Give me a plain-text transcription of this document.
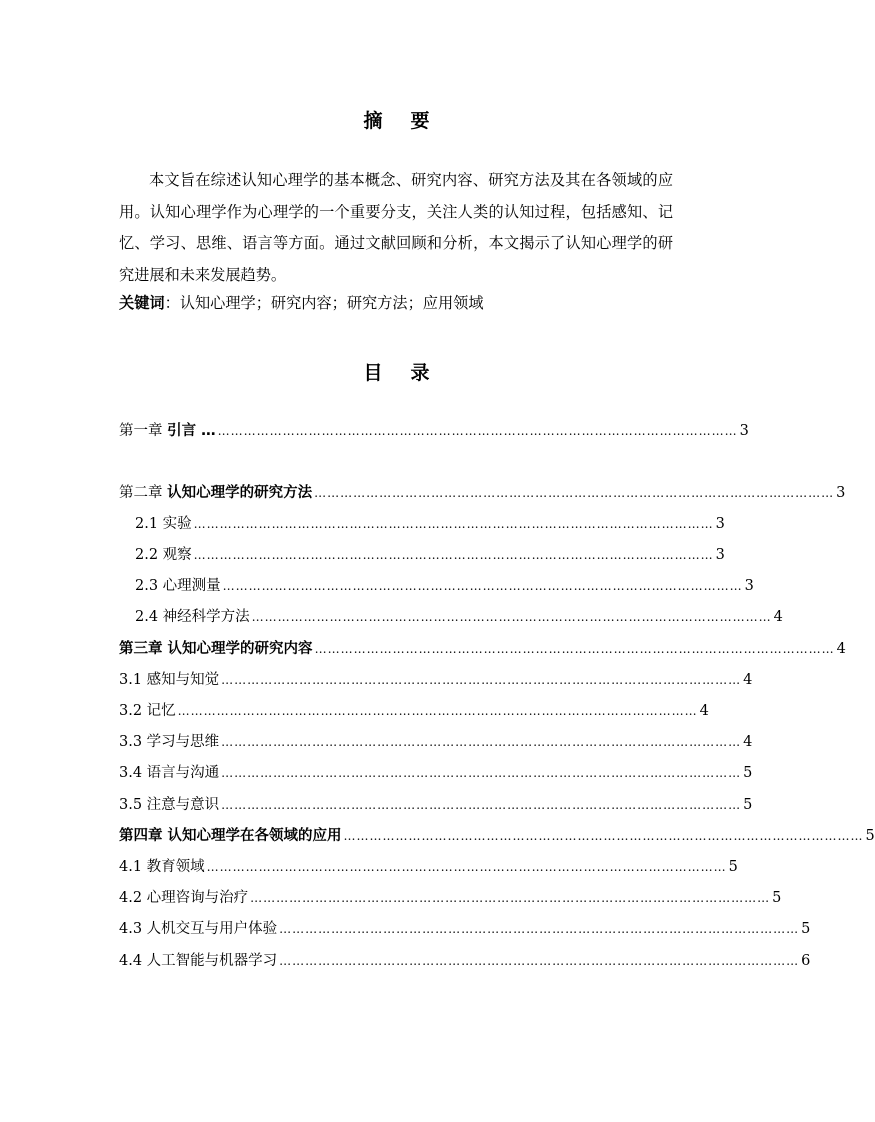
摘 要

本文旨在综述认知心理学的基本概念、研究内容、研究方法及其在各领域的应用。认知心理学作为心理学的一个重要分支，关注人类的认知过程，包括感知、记忆、学习、思维、语言等方面。通过文献回顾和分析，本文揭示了认知心理学的研究进展和未来发展趋势。

关键词：认知心理学；研究内容；研究方法；应用领域
目 录
第一章 引言 … ………………………………………………………………………………………………………… 3
第二章 认知心理学的研究方法 ………………………………………………………………………………………………………… 3
2.1 实验 ………………………………………………………………………………………………………… 3
2.2 观察 ………………………………………………………………………………………………………… 3
2.3 心理测量 ………………………………………………………………………………………………………… 3
2.4 神经科学方法 ………………………………………………………………………………………………………… 4
第三章 认知心理学的研究内容 ………………………………………………………………………………………………………… 4
3.1 感知与知觉 ………………………………………………………………………………………………………… 4
3.2 记忆 ………………………………………………………………………………………………………… 4
3.3 学习与思维 ………………………………………………………………………………………………………… 4
3.4 语言与沟通 ………………………………………………………………………………………………………… 5
3.5 注意与意识 ………………………………………………………………………………………………………… 5
第四章 认知心理学在各领域的应用 ………………………………………………………………………………………………………… 5
4.1 教育领域 ………………………………………………………………………………………………………… 5
4.2 心理咨询与治疗 ………………………………………………………………………………………………………… 5
4.3 人机交互与用户体验 ………………………………………………………………………………………………………… 5
4.4 人工智能与机器学习 ………………………………………………………………………………………………………… 6
